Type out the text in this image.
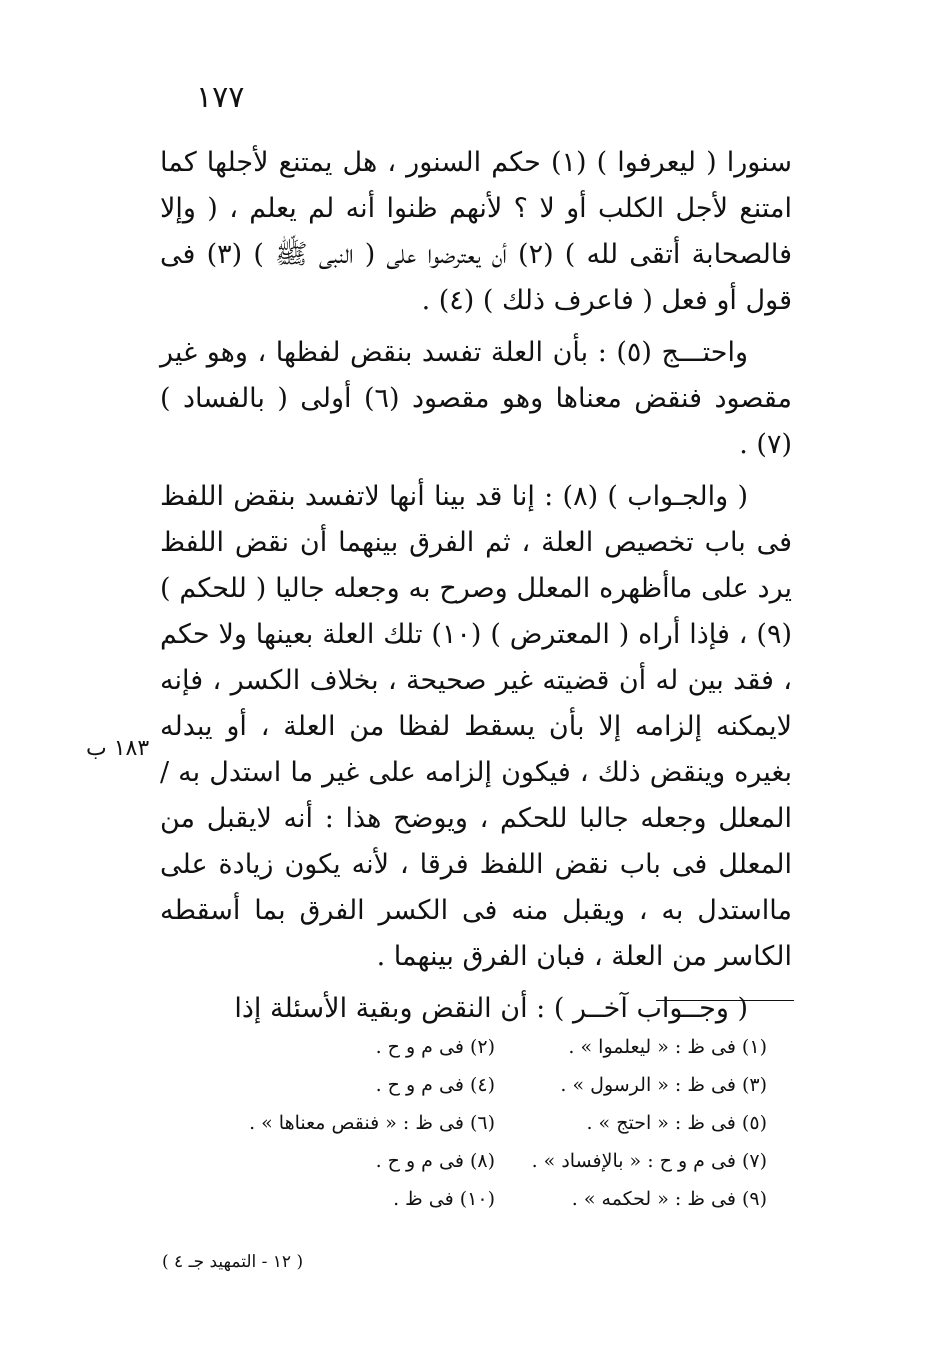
١٧٧

سنورا ( ليعرفوا ) (١) حكم السنور ، هل يمتنع لأجلها كما امتنع لأجل الكلب أو لا ؟ لأنهم ظنوا أنه لم يعلم ، ( وإلا فالصحابة أتقى لله ) (٢) أن يعترضوا على ( النبى ﷺ ) (٣) فى قول أو فعل ( فاعرف ذلك ) (٤) .

واحتـــج (٥) : بأن العلة تفسد بنقض لفظها ، وهو غير مقصود فنقض معناها وهو مقصود (٦) أولى ( بالفساد ) (٧) .

( والجـواب ) (٨) : إنا قد بينا أنها لاتفسد بنقض اللفظ فى باب تخصيص العلة ، ثم الفرق بينهما أن نقض اللفظ يرد على ماأظهره المعلل وصرح به وجعله جاليا ( للحكم ) (٩) ، فإذا أراه ( المعترض ) (١٠) تلك العلة بعينها ولا حكم ، فقد بين له أن قضيته غير صحيحة ، بخلاف الكسر ، فإنه لايمكنه إلزامه إلا بأن يسقط لفظا من العلة ، أو يبدله بغيره وينقض ذلك ، فيكون إلزامه على غير ما استدل به / المعلل وجعله جالبا للحكم ، ويوضح هذا : أنه لايقبل من المعلل فى باب نقض اللفظ فرقا ، لأنه يكون زيادة على مااستدل به ، ويقبل منه فى الكسر الفرق بما أسقطه الكاسر من العلة ، فبان الفرق بينهما .

( وجــواب آخــر ) : أن النقض وبقية الأسئلة إذا

١٨٣ ب
(١) فى ظ : « ليعلموا » .
(٢) فى م و ح .
(٣) فى ظ : « الرسول » .
(٤) فى م و ح .
(٥) فى ظ : « احتج » .
(٦) فى ظ : « فنقص معناها » .
(٧) فى م و ح : « بالإفساد » .
(٨) فى م و ح .
(٩) فى ظ : « لحكمه » .
(١٠) فى ظ .
( ١٢ - التمهيد جـ ٤ )
